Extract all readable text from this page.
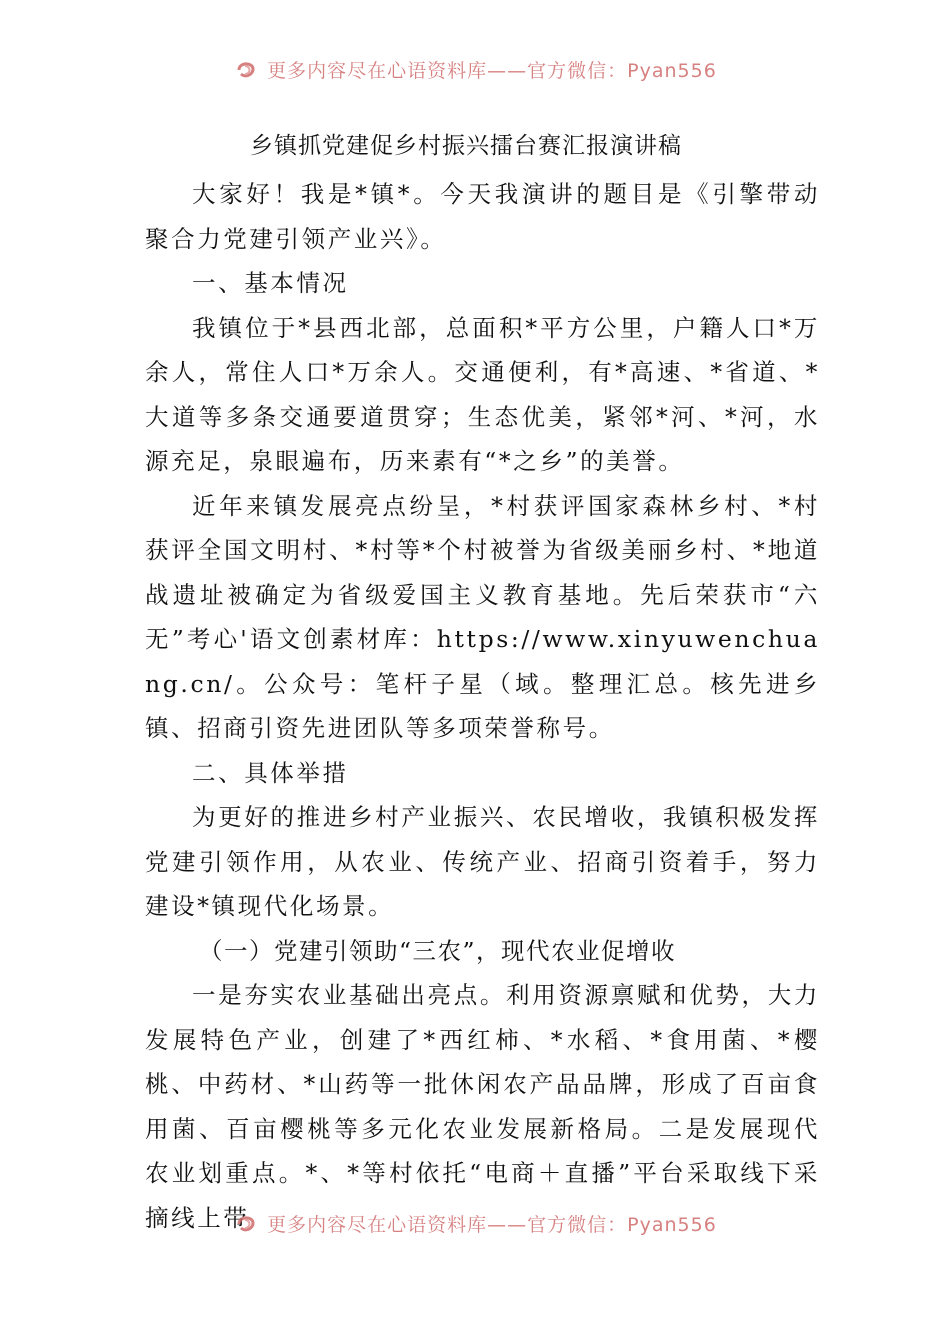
更多内容尽在心语资料库——官方微信：Pyan556
乡镇抓党建促乡村振兴擂台赛汇报演讲稿

大家好！我是*镇*。今天我演讲的题目是《引擎带动聚合力党建引领产业兴》。

一、基本情况

我镇位于*县西北部，总面积*平方公里，户籍人口*万余人，常住人口*万余人。交通便利，有*高速、*省道、*大道等多条交通要道贯穿；生态优美，紧邻*河、*河，水源充足，泉眼遍布，历来素有“*之乡”的美誉。

近年来镇发展亮点纷呈，*村获评国家森林乡村、*村获评全国文明村、*村等*个村被誉为省级美丽乡村、*地道战遗址被确定为省级爱国主义教育基地。先后荣获市“六无”考心'语文创素材库：https://www.xinyuwenchuang.cn/。公众号：笔杆子星（域。整理汇总。核先进乡镇、招商引资先进团队等多项荣誉称号。

二、具体举措

为更好的推进乡村产业振兴、农民增收，我镇积极发挥党建引领作用，从农业、传统产业、招商引资着手，努力建设*镇现代化场景。

（一）党建引领助“三农”，现代农业促增收

一是夯实农业基础出亮点。利用资源禀赋和优势，大力发展特色产业，创建了*西红柿、*水稻、*食用菌、*樱桃、中药材、*山药等一批休闲农产品品牌，形成了百亩食用菌、百亩樱桃等多元化农业发展新格局。二是发展现代农业划重点。*、*等村依托“电商＋直播”平台采取线下采摘线上带 更多内容尽在心语资料库——官方微信：Pyan556
